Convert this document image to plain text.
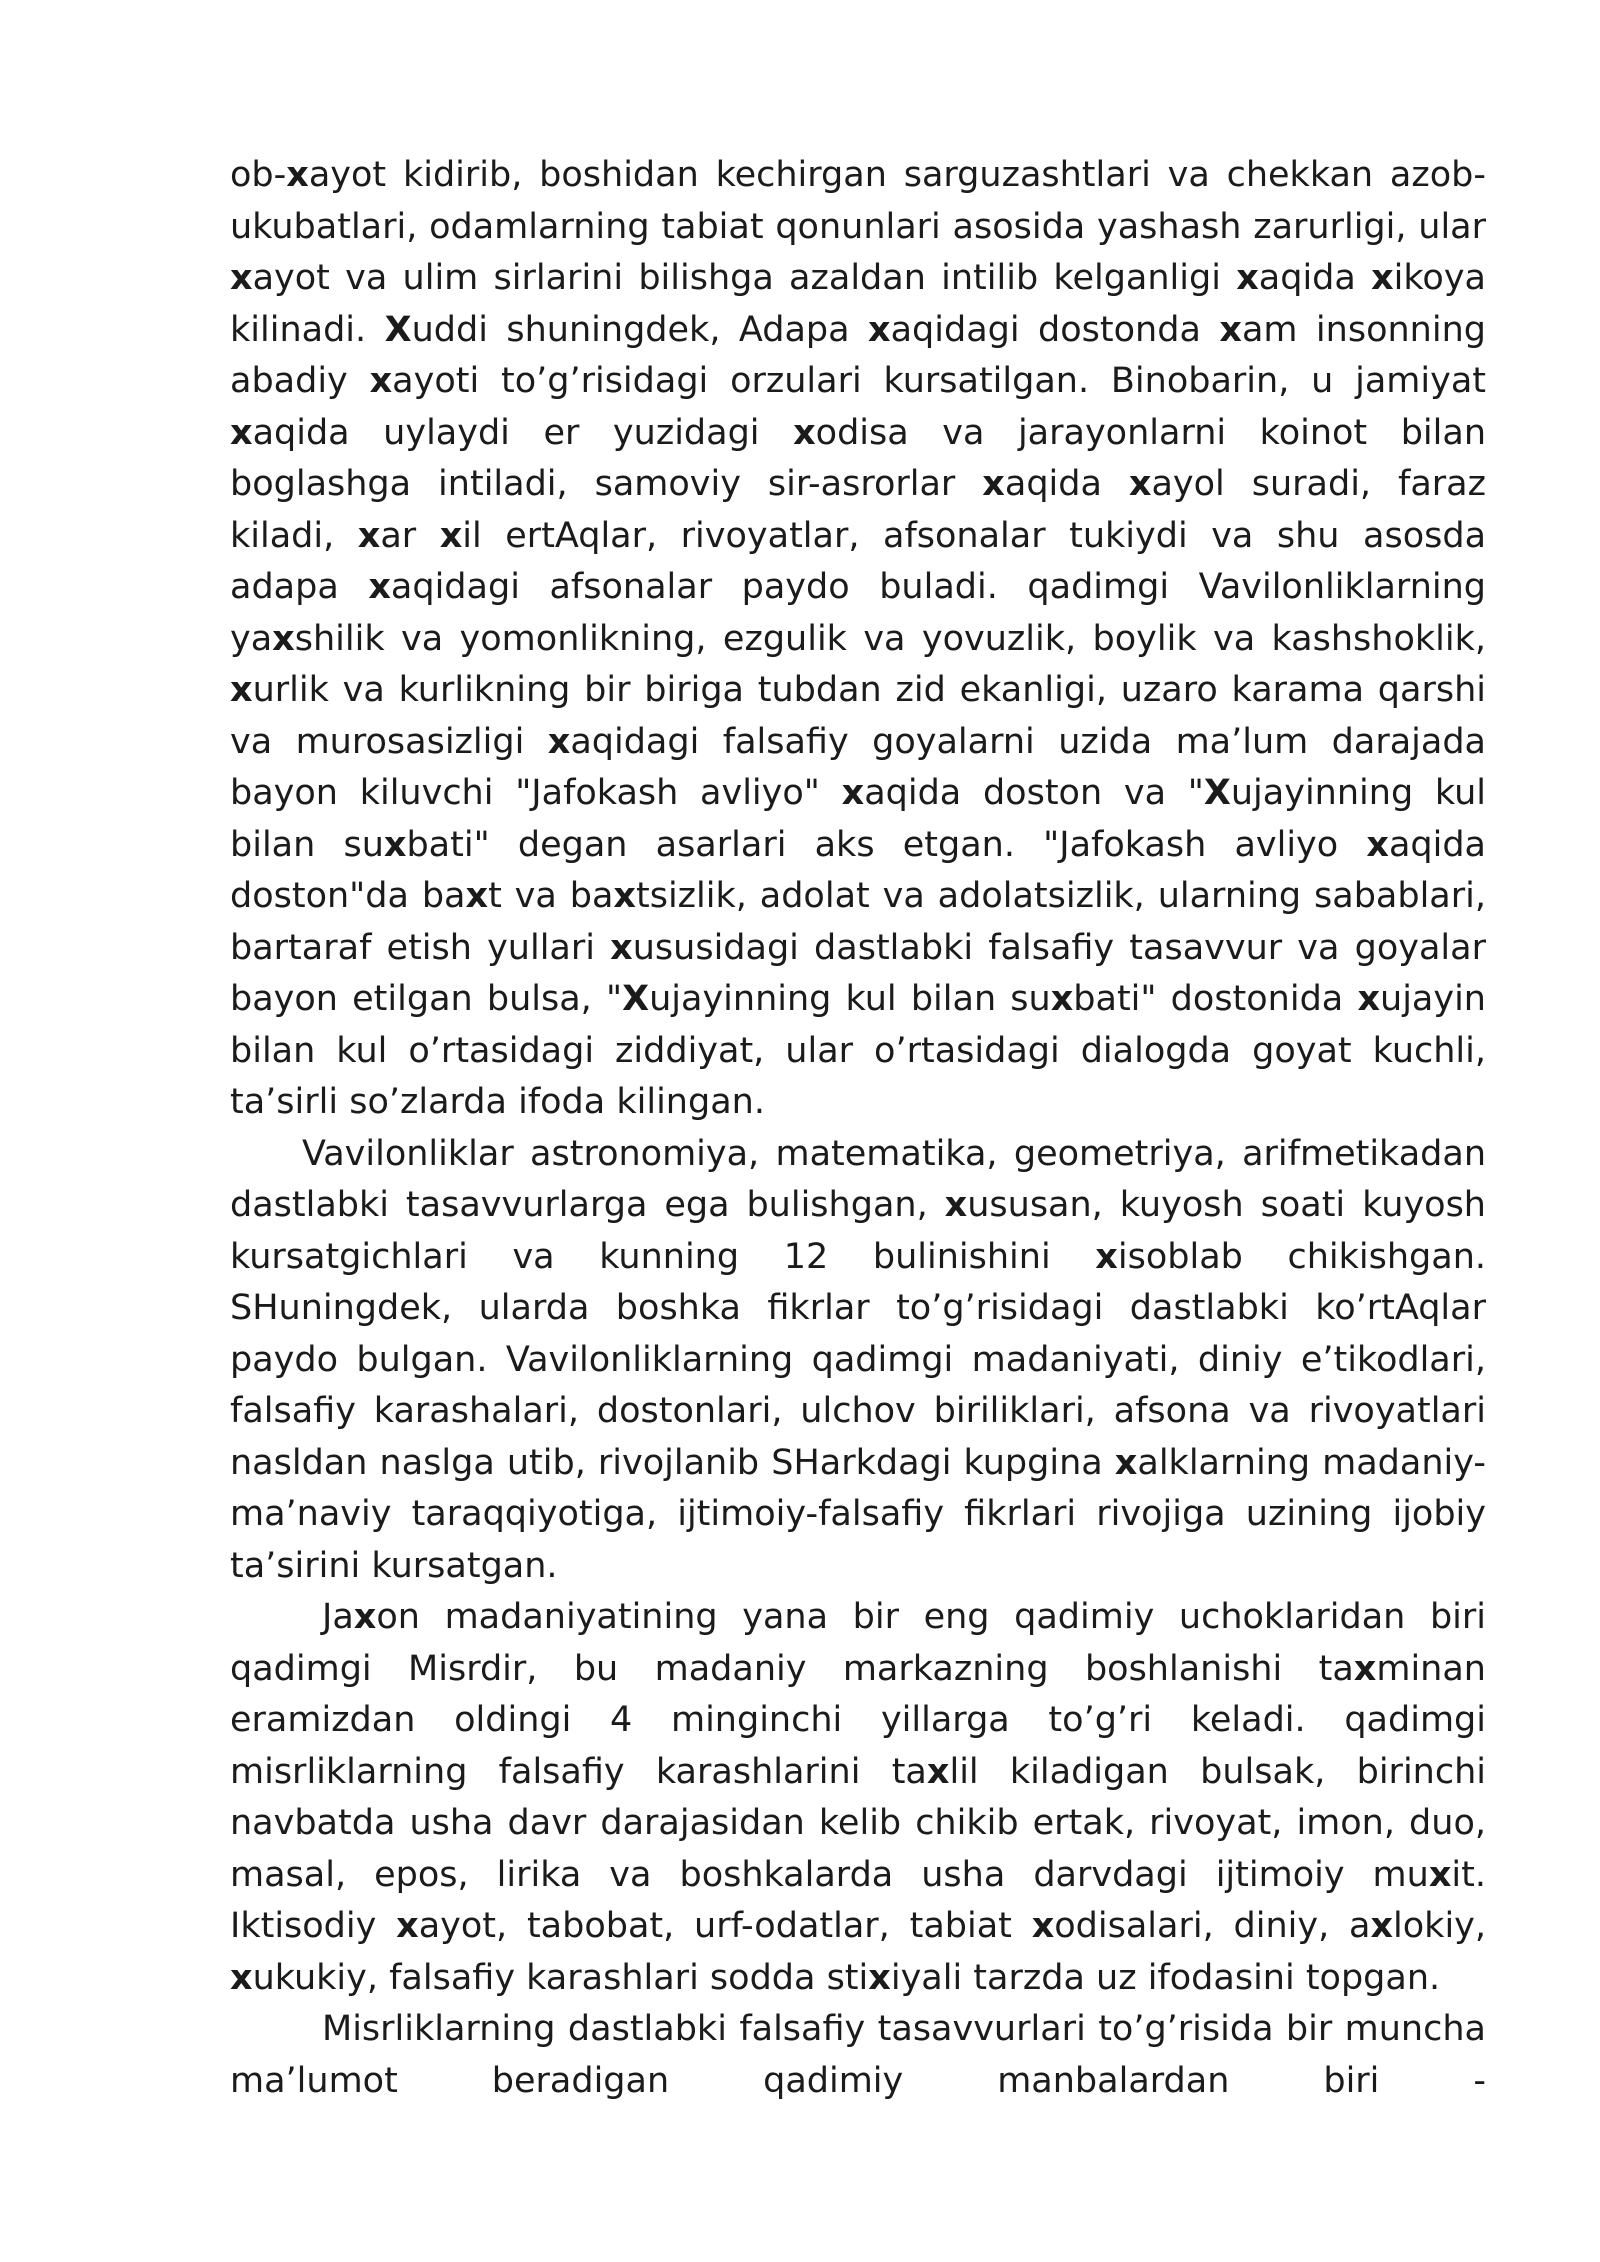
ob-xayot kidirib, boshidan kechirgan sarguzashtlari va chekkan azob-ukubatlari, odamlarning tabiat qonunlari asosida yashash zarurligi, ular xayot va ulim sirlarini bilishga azaldan intilib kelganligi xaqida xikoya kilinadi. Xuddi shuningdek, Adapa xaqidagi dostonda xam insonning abadiy xayoti to’g’risidagi orzulari kursatilgan. Binobarin, u jamiyat xaqida uylaydi er yuzidagi xodisa va jarayonlarni koinot bilan boglashga intiladi, samoviy sir-asrorlar xaqida xayol suradi, faraz kiladi, xar xil ertAqlar, rivoyatlar, afsonalar tukiydi va shu asosda adapa xaqidagi afsonalar paydo buladi. qadimgi Vavilonliklarning yaxshilik va yomonlikning, ezgulik va yovuzlik, boylik va kashshoklik, xurlik va kurlikning bir biriga tubdan zid ekanligi, uzaro karama qarshi va murosasizligi xaqidagi falsafiy goyalarni uzida ma’lum darajada bayon kiluvchi "Jafokash avliyo" xaqida doston va "Xujayinning kul bilan suxbati" degan asarlari aks etgan. "Jafokash avliyo xaqida doston"da baxt va baxtsizlik, adolat va adolatsizlik, ularning sabablari, bartaraf etish yullari xususidagi dastlabki falsafiy tasavvur va goyalar bayon etilgan bulsa, "Xujayinning kul bilan suxbati" dostonida xujayin bilan kul o’rtasidagi ziddiyat, ular o’rtasidagi dialogda goyat kuchli, ta’sirli so’zlarda ifoda kilingan.

Vavilonliklar astronomiya, matematika, geometriya, arifmetikadan dastlabki tasavvurlarga ega bulishgan, xususan, kuyosh soati kuyosh kursatgichlari va kunning 12 bulinishini xisoblab chikishgan. SHuningdek, ularda boshka fikrlar to’g’risidagi dastlabki ko’rtAqlar paydo bulgan. Vavilonliklarning qadimgi madaniyati, diniy e’tikodlari, falsafiy karashalari, dostonlari, ulchov biriliklari, afsona va rivoyatlari nasldan naslga utib, rivojlanib SHarkdagi kupgina xalklarning madaniy-ma’naviy taraqqiyotiga, ijtimoiy-falsafiy fikrlari rivojiga uzining ijobiy ta’sirini kursatgan.

Jaxon madaniyatining yana bir eng qadimiy uchoklaridan biri qadimgi Misrdir, bu madaniy markazning boshlanishi taxminan eramizdan oldingi 4 minginchi yillarga to’g’ri keladi. qadimgi misrliklarning falsafiy karashlarini taxlil kiladigan bulsak, birinchi navbatda usha davr darajasidan kelib chikib ertak, rivoyat, imon, duo, masal, epos, lirika va boshkalarda usha darvdagi ijtimoiy muxit. Iktisodiy xayot, tabobat, urf-odatlar, tabiat xodisalari, diniy, axlokiy, xukukiy, falsafiy karashlari sodda stixiyali tarzda uz ifodasini topgan.

Misrliklarning dastlabki falsafiy tasavvurlari to’g’risida bir muncha ma’lumot beradigan qadimiy manbalardan biri -
